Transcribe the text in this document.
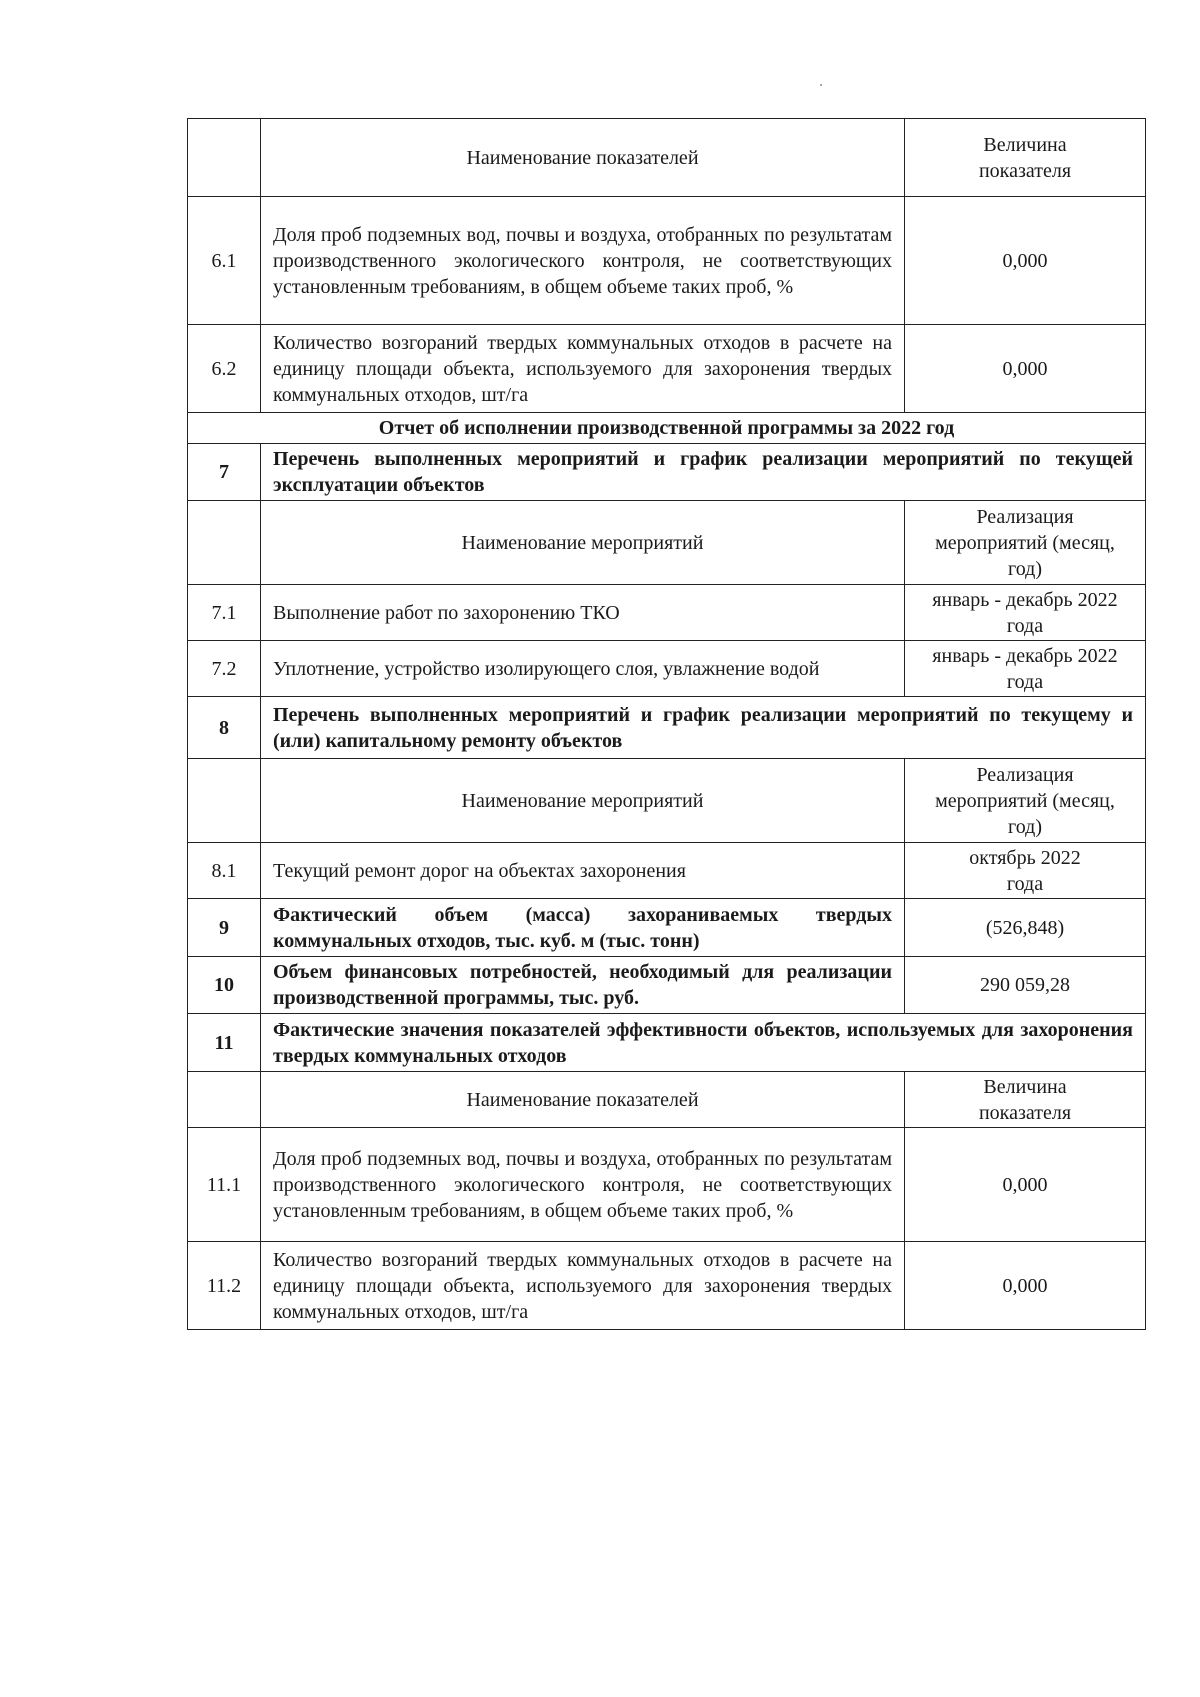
	Наименование показателей	Величина показателя
6.1	Доля проб подземных вод, почвы и воздуха, отобранных по результатам производственного экологического контроля, не соответствующих установленным требованиям, в общем объеме таких проб, %	0,000
6.2	Количество возгораний твердых коммунальных отходов в расчете на единицу площади объекта, используемого для захоронения твердых коммунальных отходов, шт/га	0,000
Отчет об исполнении производственной программы за 2022 год		
7	Перечень выполненных мероприятий и график реализации мероприятий по текущей эксплуатации объектов	
	Наименование мероприятий	Реализация мероприятий (месяц, год)
7.1	Выполнение работ по захоронению ТКО	январь - декабрь 2022 года
7.2	Уплотнение, устройство изолирующего слоя, увлажнение водой	январь - декабрь 2022 года
8	Перечень выполненных мероприятий и график реализации мероприятий по текущему и (или) капитальному ремонту объектов	
	Наименование мероприятий	Реализация мероприятий (месяц, год)
8.1	Текущий ремонт дорог на объектах захоронения	октябрь 2022 года
9	Фактический объем (масса) захораниваемых твердых коммунальных отходов, тыс. куб. м (тыс. тонн)	(526,848)
10	Объем финансовых потребностей, необходимый для реализации производственной программы, тыс. руб.	290 059,28
11	Фактические значения показателей эффективности объектов, используемых для захоронения твердых коммунальных отходов	
	Наименование показателей	Величина показателя
11.1	Доля проб подземных вод, почвы и воздуха, отобранных по результатам производственного экологического контроля, не соответствующих установленным требованиям, в общем объеме таких проб, %	0,000
11.2	Количество возгораний твердых коммунальных отходов в расчете на единицу площади объекта, используемого для захоронения твердых коммунальных отходов, шт/га	0,000
